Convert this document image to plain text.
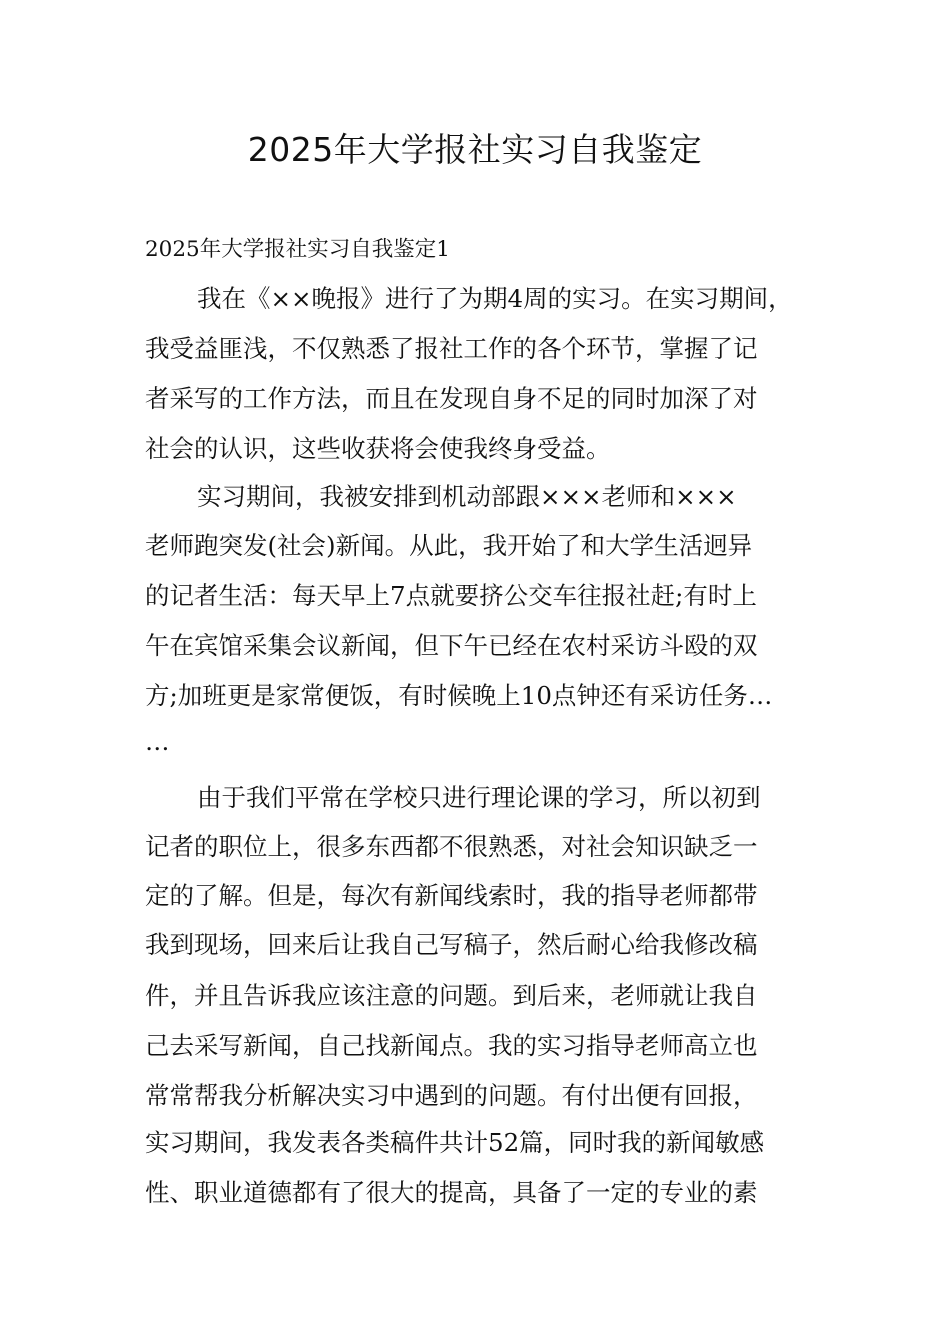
2025年大学报社实习自我鉴定
2025年大学报社实习自我鉴定1

我在《××晚报》进行了为期4周的实习。在实习期间，

我受益匪浅，不仅熟悉了报社工作的各个环节，掌握了记

者采写的工作方法，而且在发现自身不足的同时加深了对

社会的认识，这些收获将会使我终身受益。

实习期间，我被安排到机动部跟×××老师和×××

老师跑突发(社会)新闻。从此，我开始了和大学生活迥异

的记者生活：每天早上7点就要挤公交车往报社赶;有时上

午在宾馆采集会议新闻，但下午已经在农村采访斗殴的双

方;加班更是家常便饭，有时候晚上10点钟还有采访任务…

…

由于我们平常在学校只进行理论课的学习，所以初到

记者的职位上，很多东西都不很熟悉，对社会知识缺乏一

定的了解。但是，每次有新闻线索时，我的指导老师都带

我到现场，回来后让我自己写稿子，然后耐心给我修改稿

件，并且告诉我应该注意的问题。到后来，老师就让我自

己去采写新闻，自己找新闻点。我的实习指导老师高立也

常常帮我分析解决实习中遇到的问题。有付出便有回报，

实习期间，我发表各类稿件共计52篇，同时我的新闻敏感

性、职业道德都有了很大的提高，具备了一定的专业的素
